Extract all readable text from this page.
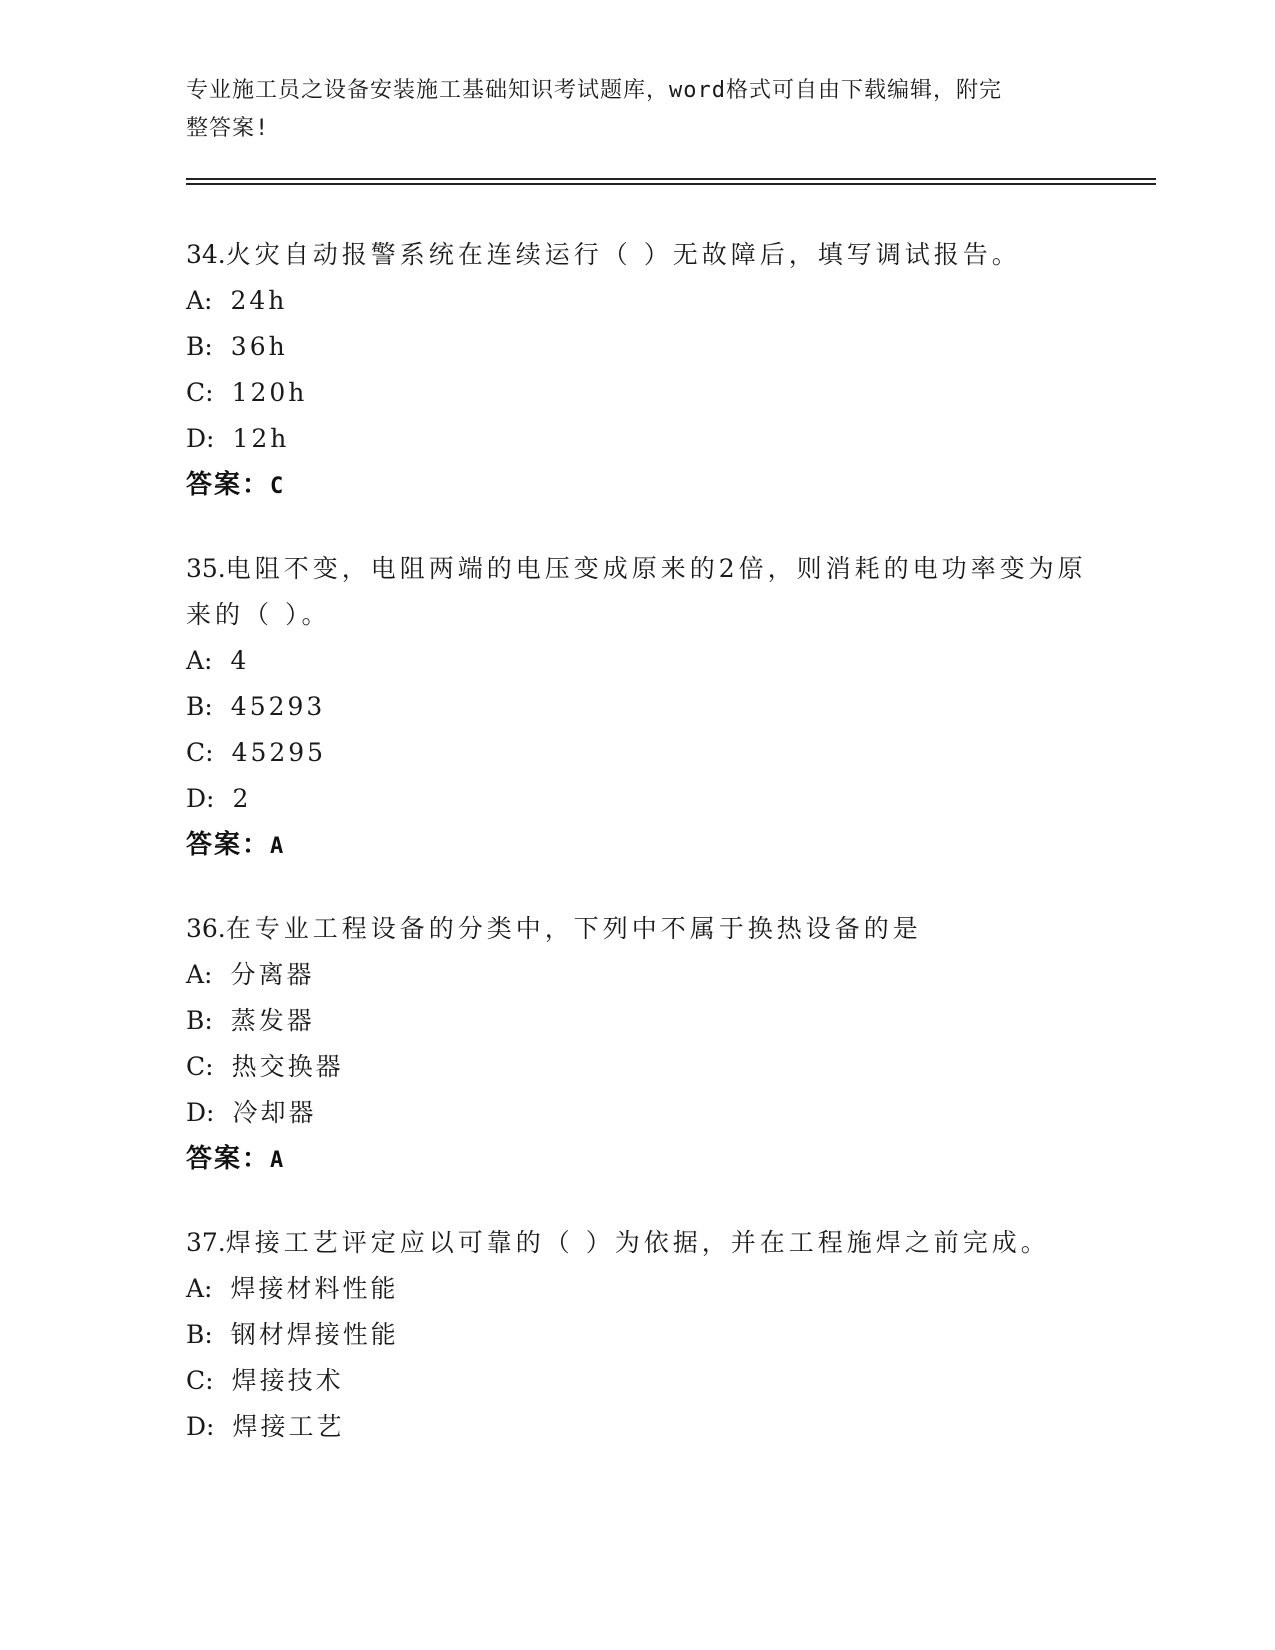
专业施工员之设备安装施工基础知识考试题库，word格式可自由下载编辑，附完
整答案!

34.火灾自动报警系统在连续运行（ ）无故障后，填写调试报告。

A: 24h
B: 36h
C: 120h
D: 12h
答案：C

35.电阻不变，电阻两端的电压变成原来的2倍，则消耗的电功率变为原来的（ ）。

A: 4
B: 45293
C: 45295
D: 2
答案：A

36.在专业工程设备的分类中，下列中不属于换热设备的是

A: 分离器
B: 蒸发器
C: 热交换器
D: 冷却器
答案：A

37.焊接工艺评定应以可靠的（ ）为依据，并在工程施焊之前完成。

A: 焊接材料性能
B: 钢材焊接性能
C: 焊接技术
D: 焊接工艺
